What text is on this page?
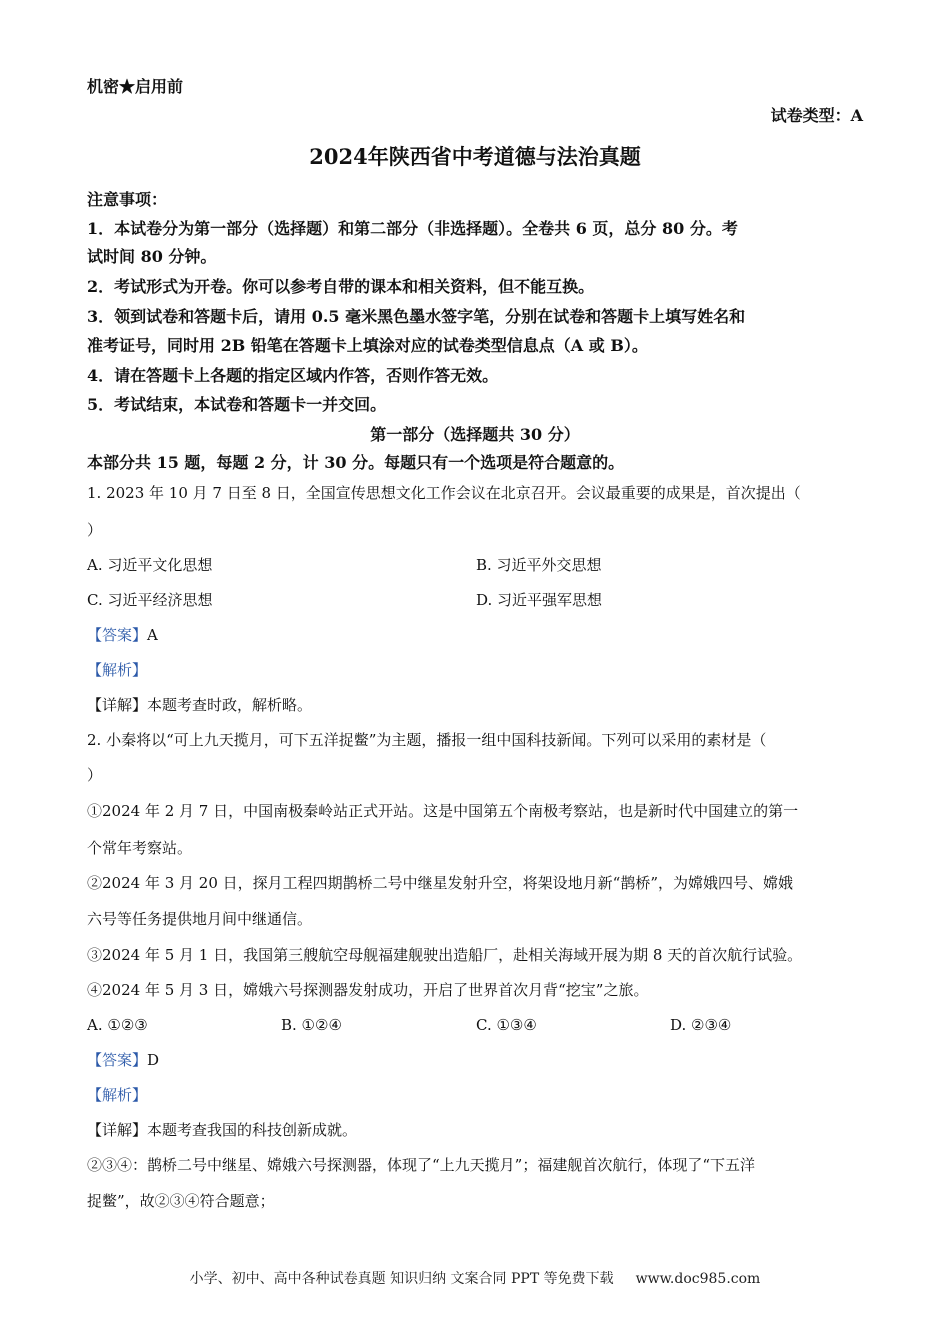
机密★启用前
试卷类型：A
2024年陕西省中考道德与法治真题
注意事项：
1．本试卷分为第一部分（选择题）和第二部分（非选择题）。全卷共 6 页，总分 80 分。考
试时间 80 分钟。
2．考试形式为开卷。你可以参考自带的课本和相关资料，但不能互换。
3．领到试卷和答题卡后，请用 0.5 毫米黑色墨水签字笔，分别在试卷和答题卡上填写姓名和
准考证号，同时用 2B 铅笔在答题卡上填涂对应的试卷类型信息点（A 或 B）。
4．请在答题卡上各题的指定区域内作答，否则作答无效。
5．考试结束，本试卷和答题卡一并交回。
第一部分（选择题共 30 分）
本部分共 15 题，每题 2 分，计 30 分。每题只有一个选项是符合题意的。
1. 2023 年 10 月 7 日至 8 日，全国宣传思想文化工作会议在北京召开。会议最重要的成果是，首次提出（
）
A. 习近平文化思想	B. 习近平外交思想
C. 习近平经济思想	D. 习近平强军思想
【答案】A
【解析】
【详解】本题考查时政，解析略。
2. 小秦将以“可上九天揽月，可下五洋捉鳖”为主题，播报一组中国科技新闻。下列可以采用的素材是（
）
①2024 年 2 月 7 日，中国南极秦岭站正式开站。这是中国第五个南极考察站，也是新时代中国建立的第一
个常年考察站。
②2024 年 3 月 20 日，探月工程四期鹊桥二号中继星发射升空，将架设地月新“鹊桥”，为嫦娥四号、嫦娥
六号等任务提供地月间中继通信。
③2024 年 5 月 1 日，我国第三艘航空母舰福建舰驶出造船厂，赴相关海域开展为期 8 天的首次航行试验。
④2024 年 5 月 3 日，嫦娥六号探测器发射成功，开启了世界首次月背“挖宝”之旅。
A. ①②③	B. ①②④	C. ①③④	D. ②③④
【答案】D
【解析】
【详解】本题考查我国的科技创新成就。
②③④：鹊桥二号中继星、嫦娥六号探测器，体现了“上九天揽月”；福建舰首次航行，体现了“下五洋
捉鳖”，故②③④符合题意；
小学、初中、高中各种试卷真题 知识归纳 文案合同 PPT 等免费下载 www.doc985.com
